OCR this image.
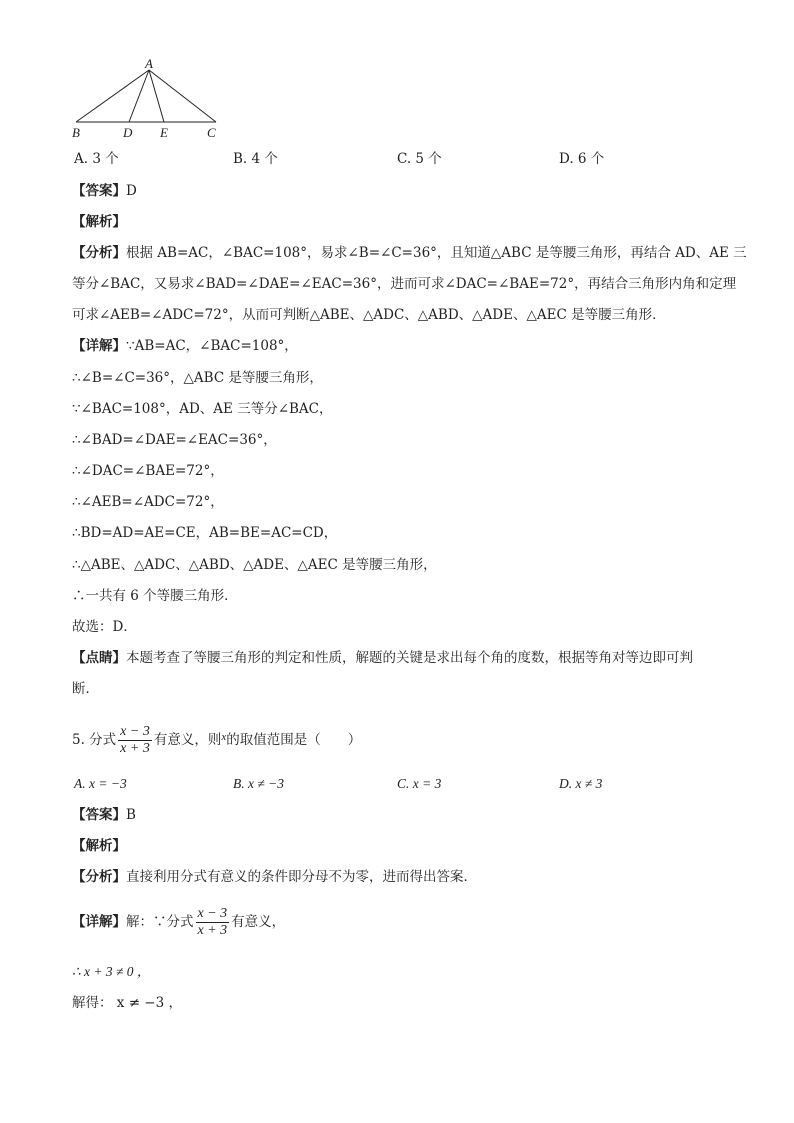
A
B	D E	C
A. 3 个	B. 4 个	C. 5 个	D. 6 个
【答案】D
【解析】
【分析】根据 AB=AC，∠BAC=108°，易求∠B=∠C=36°，且知道△ABC 是等腰三角形，再结合 AD、AE 三
等分∠BAC，又易求∠BAD=∠DAE=∠EAC=36°，进而可求∠DAC=∠BAE=72°，再结合三角形内角和定理
可求∠AEB=∠ADC=72°，从而可判断△ABE、△ADC、△ABD、△ADE、△AEC 是等腰三角形．
【详解】∵AB=AC，∠BAC=108°，
∴∠B=∠C=36°，△ABC 是等腰三角形，
∵∠BAC=108°，AD、AE 三等分∠BAC，
∴∠BAD=∠DAE=∠EAC=36°，
∴∠DAC=∠BAE=72°，
∴∠AEB=∠ADC=72°，
∴BD=AD=AE=CE，AB=BE=AC=CD，
∴△ABE、△ADC、△ABD、△ADE、△AEC 是等腰三角形，
∴一共有 6 个等腰三角形．
故选：D．
【点睛】本题考查了等腰三角形的判定和性质，解题的关键是求出每个角的度数，根据等角对等边即可判
断．
5. 分式 $\frac{x - 3}{x + 3}$ 有意义，则$^x$的取值范围是（　　）
A. x = −3	B. x ≠ −3	C. x = 3	D. x ≠ 3
【答案】B
【解析】
【分析】直接利用分式有意义的条件即分母不为零，进而得出答案．
【详解】解：∵分式 $\frac{x - 3}{x + 3}$ 有意义，
∴ x + 3 ≠ 0 ，
解得： x ≠ −3 ，
